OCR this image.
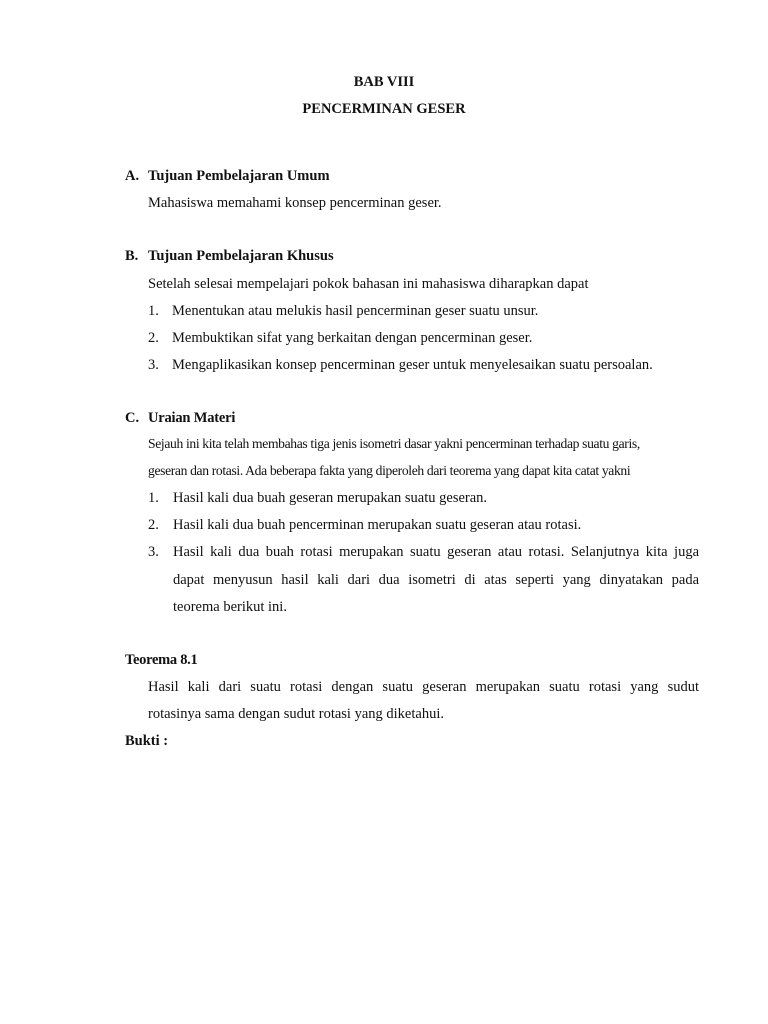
BAB VIII
PENCERMINAN GESER
A. Tujuan Pembelajaran Umum
Mahasiswa memahami konsep pencerminan geser.
B. Tujuan Pembelajaran Khusus
Setelah selesai mempelajari pokok bahasan ini mahasiswa diharapkan dapat
1. Menentukan atau melukis hasil pencerminan geser suatu unsur.
2. Membuktikan sifat yang berkaitan dengan pencerminan geser.
3. Mengaplikasikan konsep pencerminan geser untuk menyelesaikan suatu persoalan.
C. Uraian Materi
Sejauh ini kita telah membahas tiga jenis isometri dasar yakni pencerminan terhadap suatu garis,
geseran dan rotasi. Ada beberapa fakta yang diperoleh dari teorema yang dapat kita catat yakni
1. Hasil kali dua buah geseran merupakan suatu geseran.
2. Hasil kali dua buah pencerminan merupakan suatu geseran atau rotasi.
3. Hasil kali dua buah rotasi merupakan suatu geseran atau rotasi. Selanjutnya kita juga
dapat menyusun hasil kali dari dua isometri di atas seperti yang dinyatakan pada
teorema berikut ini.
Teorema 8.1
Hasil kali dari suatu rotasi dengan suatu geseran merupakan suatu rotasi yang sudut
rotasinya sama dengan sudut rotasi yang diketahui.
Bukti :
